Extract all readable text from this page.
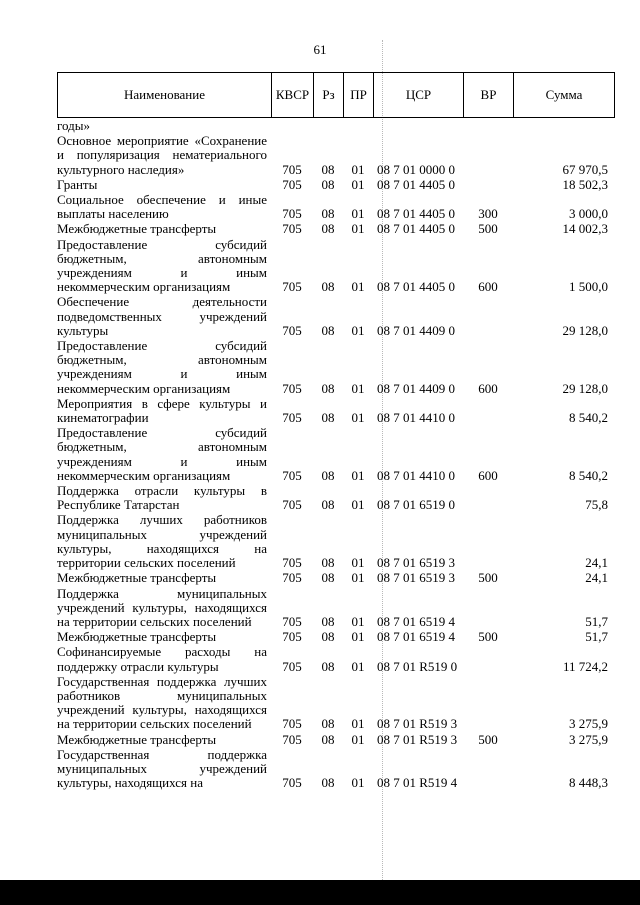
61
Наименование	КВСР	Рз	ПР	ЦСР	ВР	Сумма
годы»
Основное мероприятие «Сохранение и популяризация нематериального культурного наследия»	705	08	01 08 7 01 0000 0	67 970,5
Гранты	705	08	01 08 7 01 4405 0	18 502,3
Социальное обеспечение и иные выплаты населению	705	08	01 08 7 01 4405 0	300	3 000,0
Межбюджетные трансферты	705	08	01 08 7 01 4405 0	500	14 002,3
Предоставление субсидий бюджетным, автономным учреждениям и иным некоммерческим организациям	705	08	01 08 7 01 4405 0	600	1 500,0
Обеспечение деятельности подведомственных учреждений культуры	705	08	01 08 7 01 4409 0	29 128,0
Предоставление субсидий бюджетным, автономным учреждениям и иным некоммерческим организациям	705	08	01 08 7 01 4409 0	600	29 128,0
Мероприятия в сфере культуры и кинематографии	705	08	01 08 7 01 4410 0	8 540,2
Предоставление субсидий бюджетным, автономным учреждениям и иным некоммерческим организациям	705	08	01 08 7 01 4410 0	600	8 540,2
Поддержка отрасли культуры в Республике Татарстан	705	08	01 08 7 01 6519 0	75,8
Поддержка лучших работников муниципальных учреждений культуры, находящихся на территории сельских поселений	705	08	01 08 7 01 6519 3	24,1
Межбюджетные трансферты	705	08	01 08 7 01 6519 3	500	24,1
Поддержка муниципальных учреждений культуры, находящихся на территории сельских поселений	705	08	01 08 7 01 6519 4	51,7
Межбюджетные трансферты	705	08	01 08 7 01 6519 4	500	51,7
Софинансируемые расходы на поддержку отрасли культуры	705	08	01 08 7 01 R519 0	11 724,2
Государственная поддержка лучших работников муниципальных учреждений культуры, находящихся на территории сельских поселений	705	08	01 08 7 01 R519 3	3 275,9
Межбюджетные трансферты	705	08	01 08 7 01 R519 3	500	3 275,9
Государственная поддержка муниципальных учреждений культуры, находящихся на	705	08	01 08 7 01 R519 4	8 448,3
